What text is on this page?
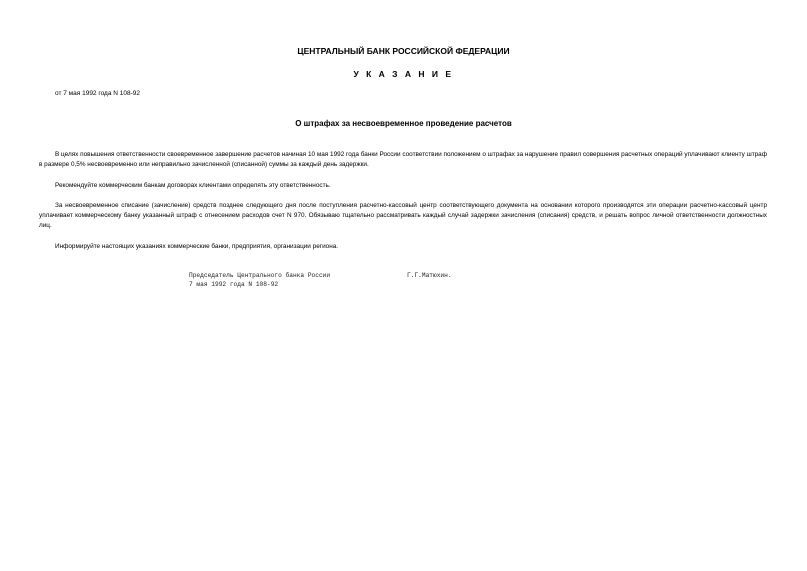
ЦЕНТРАЛЬНЫЙ БАНК РОССИЙСКОЙ ФЕДЕРАЦИИ
У К А З А Н И Е
от 7 мая 1992 года N 108-92
О штрафах за несвоевременное проведение расчетов

В целях повышения ответственности своевременное завершение расчетов начиная 10 мая 1992 года банки России соответствии положением о штрафах за нарушение правил совершения расчетных операций уплачивают клиенту штраф в размере 0,5% несвоевременно или неправильно зачисленной (списанной) суммы за каждый день задержки.

Рекомендуйте коммерческим банкам договорах клиентами определять эту ответственность.

За несвоевременное списание (зачисление) средств позднее следующего дня после поступления расчетно-кассовый центр соответствующего документа на основании которого производятся эти операции расчетно-кассовый центр уплачивает коммерческому банку указанный штраф с отнесением расходов счет N 970. Обязываю тщательно рассматривать каждый случай задержки зачисления (списания) средств, и решать вопрос личной ответственности должностных лиц.

Информируйте настоящих указаниях коммерческие банки, предприятия, организации региона.

Председатель Центрального банка России	Г.Г.Матюхин.
7 мая 1992 года N 108-92
